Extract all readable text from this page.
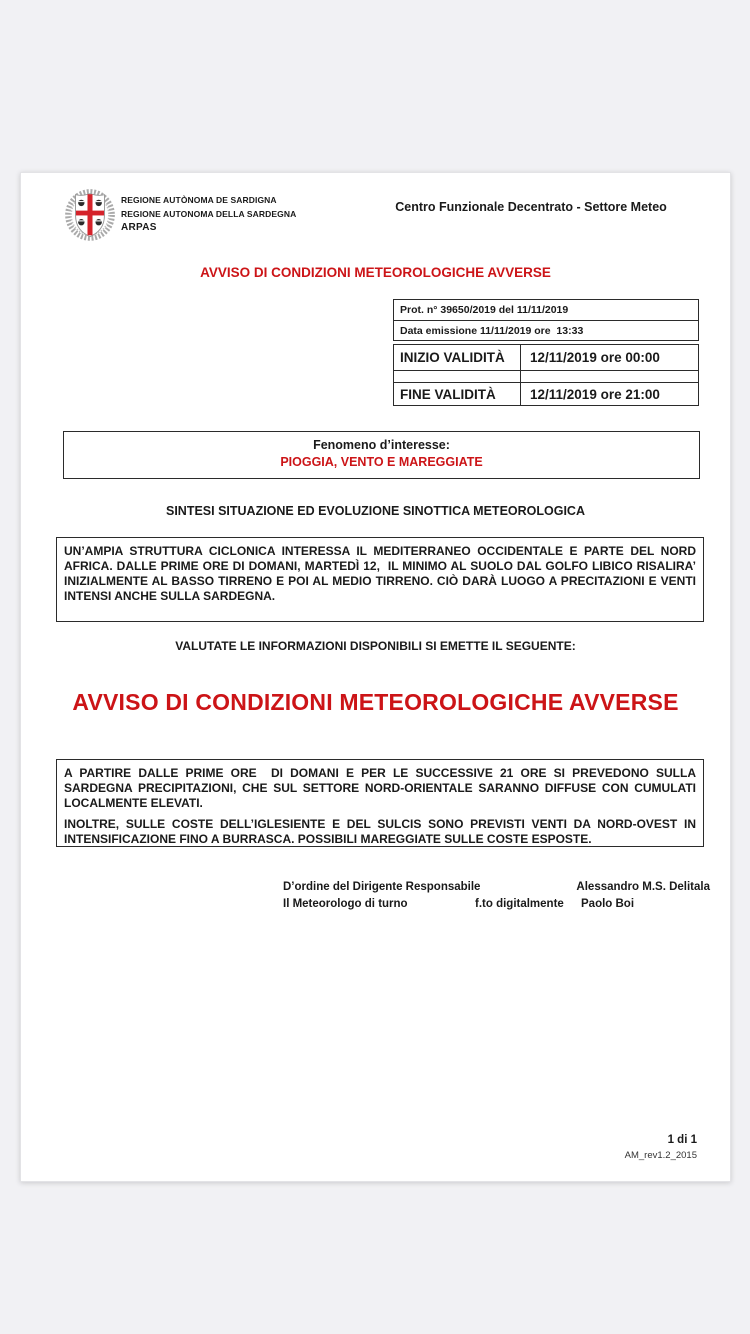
REGIONE AUTÒNOMA DE SARDIGNA
REGIONE AUTONOMA DELLA SARDEGNA
ARPAS
Centro Funzionale Decentrato - Settore Meteo
AVVISO DI CONDIZIONI METEOROLOGICHE AVVERSE
Prot. n° 39650/2019 del 11/11/2019
Data emissione 11/11/2019 ore  13:33
INIZIO VALIDITÀ	12/11/2019 ore 00:00
FINE VALIDITÀ	12/11/2019 ore 21:00
Fenomeno d’interesse:
PIOGGIA, VENTO E MAREGGIATE
SINTESI SITUAZIONE ED EVOLUZIONE SINOTTICA METEOROLOGICA

UN’AMPIA STRUTTURA CICLONICA INTERESSA IL MEDITERRANEO OCCIDENTALE E PARTE DEL NORD AFRICA. DALLE PRIME ORE DI DOMANI, MARTEDÌ 12,  IL MINIMO AL SUOLO DAL GOLFO LIBICO RISALIRA’ INIZIALMENTE AL BASSO TIRRENO E POI AL MEDIO TIRRENO. CIÒ DARÀ LUOGO A PRECITAZIONI E VENTI INTENSI ANCHE SULLA SARDEGNA.

VALUTATE LE INFORMAZIONI DISPONIBILI SI EMETTE IL SEGUENTE:
AVVISO DI CONDIZIONI METEOROLOGICHE AVVERSE

A PARTIRE DALLE PRIME ORE  DI DOMANI E PER LE SUCCESSIVE 21 ORE SI PREVEDONO SULLA SARDEGNA PRECIPITAZIONI, CHE SUL SETTORE NORD-ORIENTALE SARANNO DIFFUSE CON CUMULATI LOCALMENTE ELEVATI.

INOLTRE, SULLE COSTE DELL’IGLESIENTE E DEL SULCIS SONO PREVISTI VENTI DA NORD-OVEST IN INTENSIFICAZIONE FINO A BURRASCA. POSSIBILI MAREGGIATE SULLE COSTE ESPOSTE.

D’ordine del Dirigente Responsabile	Alessandro M.S. Delitala
Il Meteorologo di turno	f.to digitalmente Paolo Boi
1 di 1
AM_rev1.2_2015
